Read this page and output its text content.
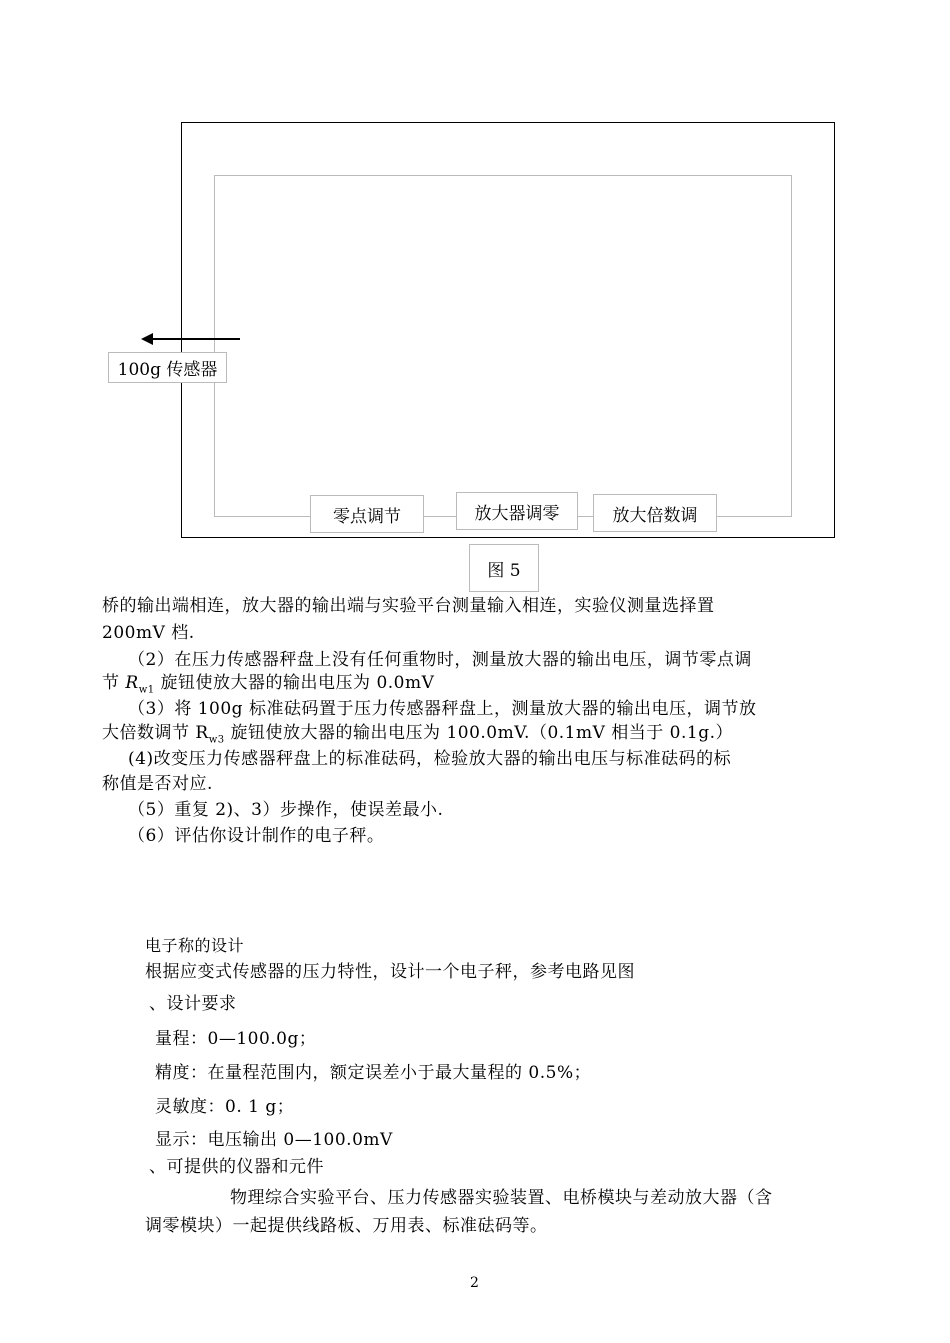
100g 传感器
零点调节	放大器调零	放大倍数调
图 5
桥的输出端相连，放大器的输出端与实验平台测量输入相连，实验仪测量选择置
200mV 档.
（2）在压力传感器秤盘上没有任何重物时，测量放大器的输出电压，调节零点调
节 $R_{w1}$ 旋钮使放大器的输出电压为 0.0mV
（3）将 100g 标准砝码置于压力传感器秤盘上，测量放大器的输出电压，调节放
大倍数调节 $R_{w3}$ 旋钮使放大器的输出电压为 100.0mV.（0.1mV 相当于 0.1g.）
(4)改变压力传感器秤盘上的标准砝码，检验放大器的输出电压与标准砝码的标
称值是否对应.
（5）重复 2)、3）步操作，使误差最小.
（6）评估你设计制作的电子秤。
电子称的设计
根据应变式传感器的压力特性，设计一个电子秤，参考电路见图
、设计要求
量程：0—100.0g；
精度：在量程范围内，额定误差小于最大量程的 0.5%；
灵敏度：0. 1 g；
显示：电压输出 0—100.0mV
、可提供的仪器和元件
物理综合实验平台、压力传感器实验装置、电桥模块与差动放大器（含
调零模块）一起提供线路板、万用表、标准砝码等。
2
